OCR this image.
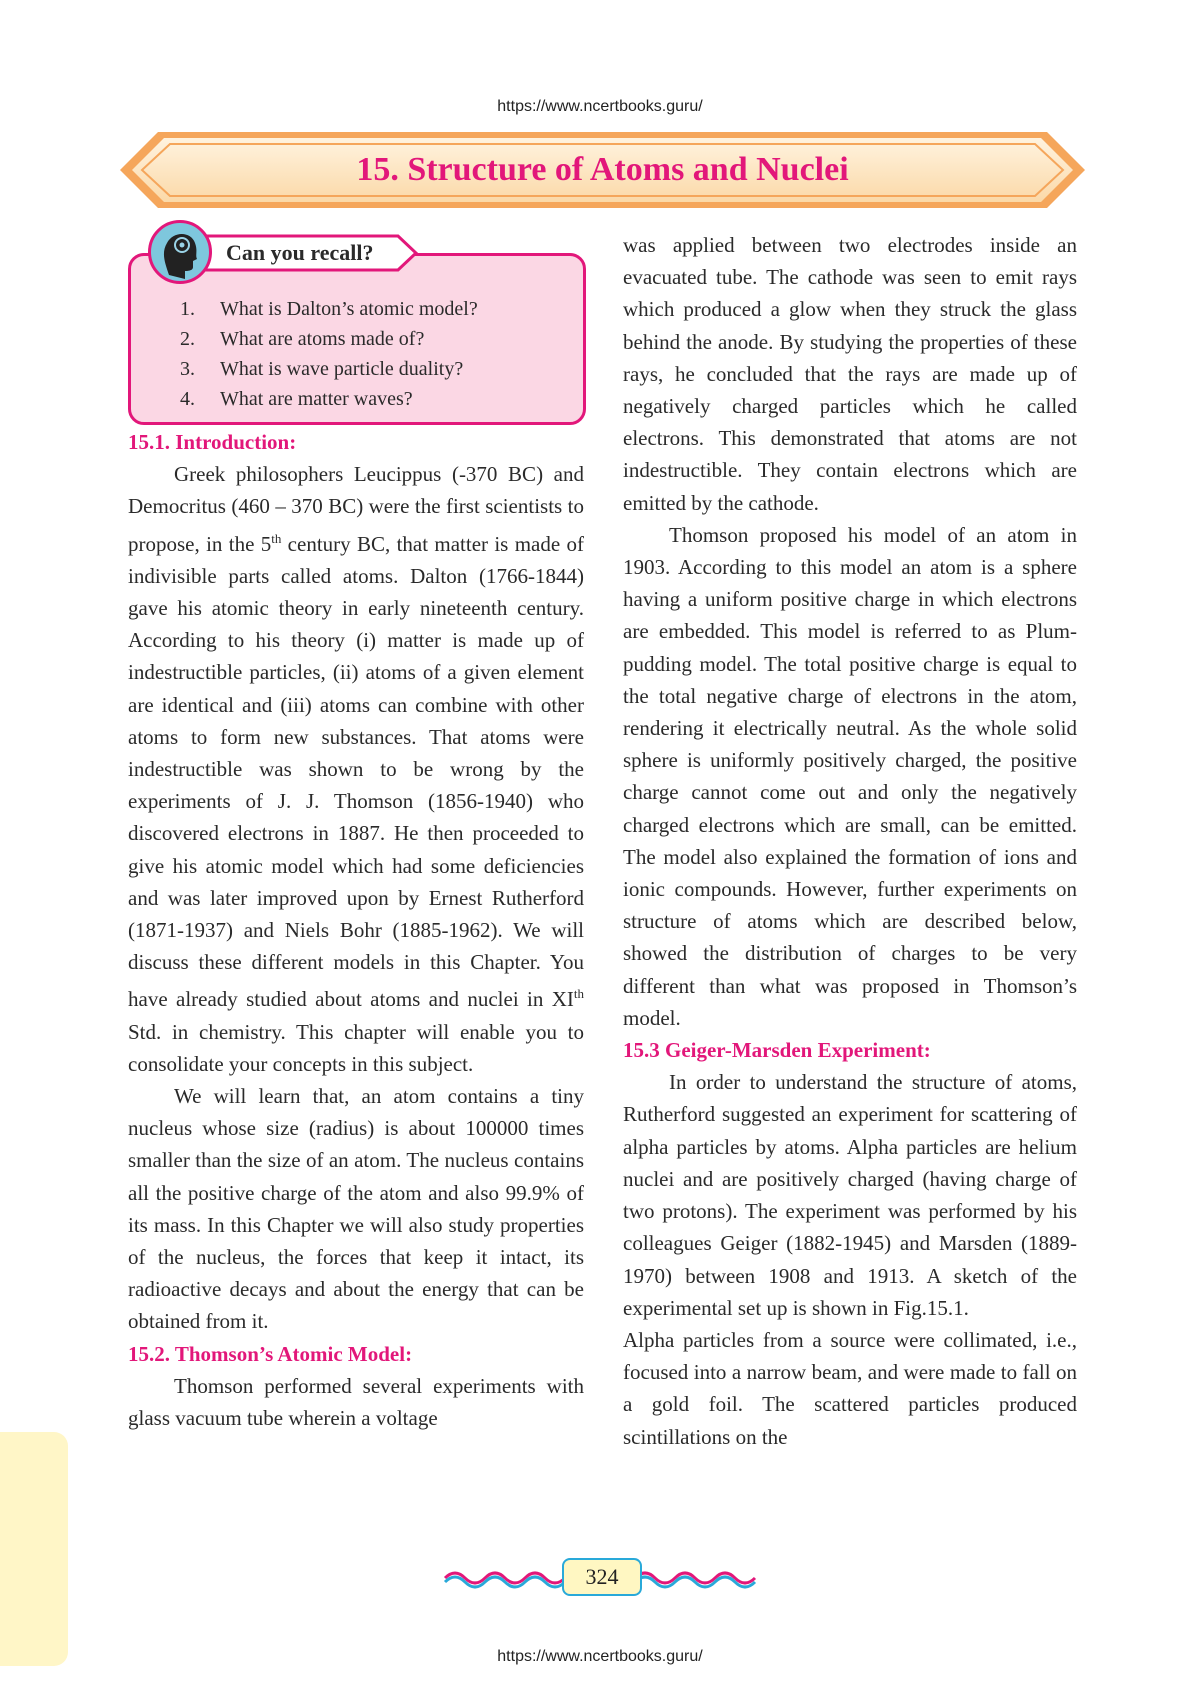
https://www.ncertbooks.guru/
15. Structure of Atoms and Nuclei
Can you recall?
1.	What is Dalton’s atomic model?
2.	What are atoms made of?
3.	What is wave particle duality?
4.	What are matter waves?

15.1. Introduction:

Greek philosophers Leucippus (-370 BC) and Democritus (460 – 370 BC) were the first scientists to propose, in the 5th century BC, that matter is made of indivisible parts called atoms. Dalton (1766-1844) gave his atomic theory in early nineteenth century. According to his theory (i) matter is made up of indestructible particles, (ii) atoms of a given element are identical and (iii) atoms can combine with other atoms to form new substances. That atoms were indestructible was shown to be wrong by the experiments of J. J. Thomson (1856-1940) who discovered electrons in 1887. He then proceeded to give his atomic model which had some deficiencies and was later improved upon by Ernest Rutherford (1871-1937) and Niels Bohr (1885-1962). We will discuss these different models in this Chapter. You have already studied about atoms and nuclei in XIth Std. in chemistry. This chapter will enable you to consolidate your concepts in this subject.

We will learn that, an atom contains a tiny nucleus whose size (radius) is about 100000 times smaller than the size of an atom. The nucleus contains all the positive charge of the atom and also 99.9% of its mass. In this Chapter we will also study properties of the nucleus, the forces that keep it intact, its radioactive decays and about the energy that can be obtained from it.

15.2. Thomson’s Atomic Model:

Thomson performed several experiments with glass vacuum tube wherein a voltage

was applied between two electrodes inside an evacuated tube. The cathode was seen to emit rays which produced a glow when they struck the glass behind the anode. By studying the properties of these rays, he concluded that the rays are made up of negatively charged particles which he called electrons. This demonstrated that atoms are not indestructible. They contain electrons which are emitted by the cathode.

Thomson proposed his model of an atom in 1903. According to this model an atom is a sphere having a uniform positive charge in which electrons are embedded. This model is referred to as Plum-pudding model. The total positive charge is equal to the total negative charge of electrons in the atom, rendering it electrically neutral. As the whole solid sphere is uniformly positively charged, the positive charge cannot come out and only the negatively charged electrons which are small, can be emitted. The model also explained the formation of ions and ionic compounds. However, further experiments on structure of atoms which are described below, showed the distribution of charges to be very different than what was proposed in Thomson’s model.

15.3 Geiger-Marsden Experiment:

In order to understand the structure of atoms, Rutherford suggested an experiment for scattering of alpha particles by atoms. Alpha particles are helium nuclei and are positively charged (having charge of two protons). The experiment was performed by his colleagues Geiger (1882-1945) and Marsden (1889-1970) between 1908 and 1913. A sketch of the experimental set up is shown in Fig.15.1.

Alpha particles from a source were collimated, i.e., focused into a narrow beam, and were made to fall on a gold foil. The scattered particles produced scintillations on the

324
https://www.ncertbooks.guru/
